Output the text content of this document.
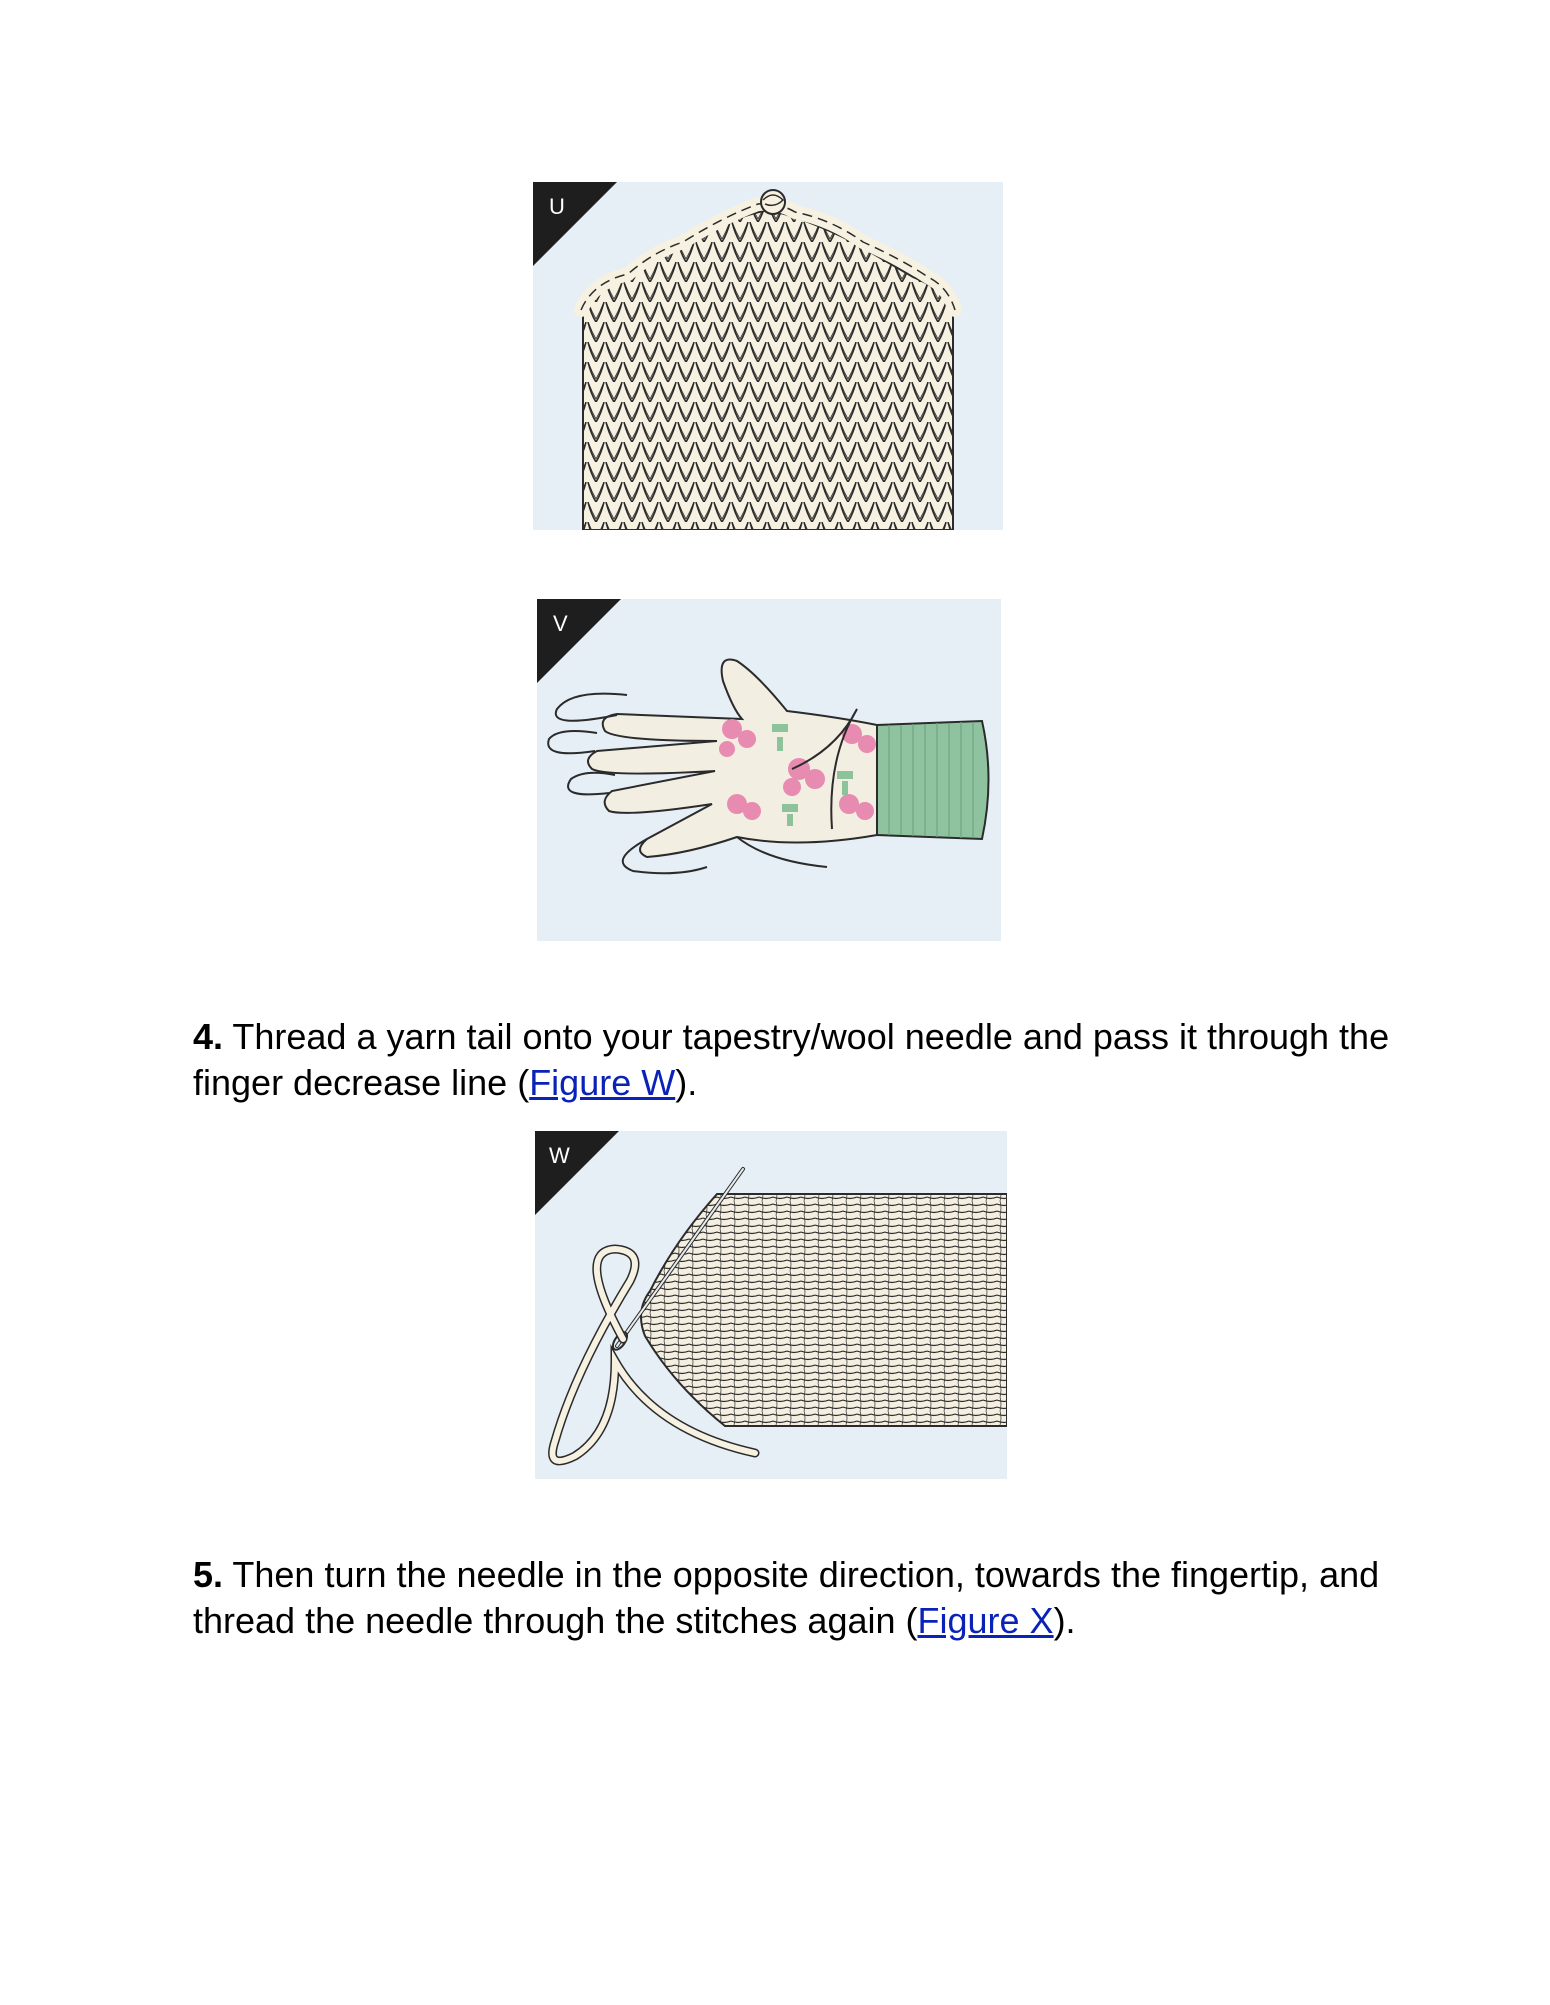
U
V
4. Thread a yarn tail onto your tapestry/wool needle and pass it through the finger decrease line (Figure W).
W
5. Then turn the needle in the opposite direction, towards the fingertip, and thread the needle through the stitches again (Figure X).
